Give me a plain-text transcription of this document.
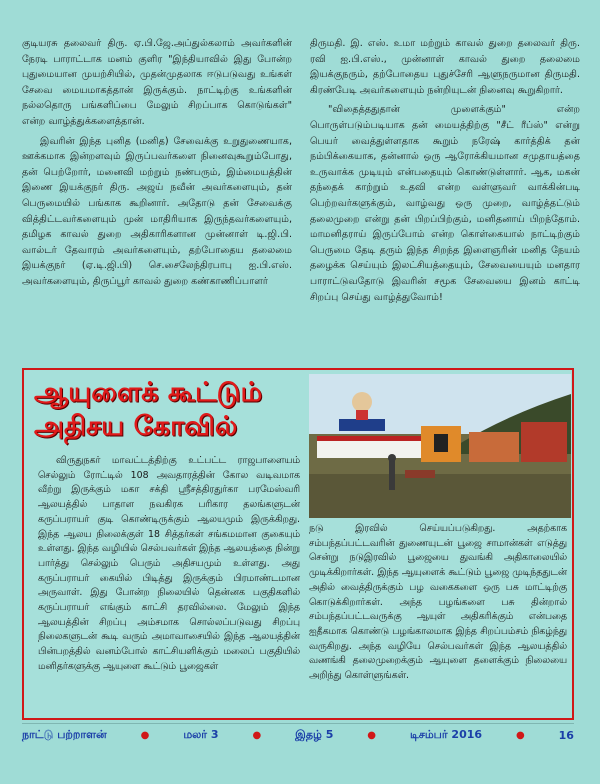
குடியரசு தலைவர் திரு. ஏ.பி.ஜே.அப்துல்கலாம் அவர்களின் நேரடி பாராட்டாக மனம் குளிர "இந்தியாவில் இது போன்ற புதுமையான முயற்சியில், முதன்முதலாக ஈடுபடுவது உங்கள் சேவை மையமாகத்தான் இருக்கும். நாட்டிற்கு உங்களின் நல்லதொரு பங்களிப்பை மேலும் சிறப்பாக கொடுங்கள்" என்ற வாழ்த்துக்களைத்தான்.

இவரின் இந்த புனித (மனித) சேவைக்கு உறுதுணையாக, ஊக்கமாக இன்றளவும் இருப்பவர்களை நினைவுகூறும்போது, தன் பெற்றோர், மனைவி மற்றும் நண்பரும், இம்மையத்தின் இணை இயக்குநர் திரு. அஜய் நவீன் அவர்களையும், தன் பெருமையில் பங்காக கூறினார். அதோடு தன் சேவைக்கு வித்திட்டவர்களையும் முன் மாதிரியாக இருந்தவர்களையும், தமிழக காவல் துறை அதிகாரிகளான முன்னாள் டி.ஜி.பி. வால்டர் தேவாரம் அவர்களையும், தற்போதைய தலைமை இயக்குநர் (ஏ.டி.ஜி.பி) செ.சைலேந்திரபாபு ஐ.பி.எஸ். அவர்களையும், திருப்பூர் காவல் துறை கண்காணிப்பாளர்

திருமதி. இ. எஸ். உமா மற்றும் காவல் துறை தலைவர் திரு. ரவி ஐ.பி.எஸ்., முன்னாள் காவல் துறை தலைமை இயக்குநரும், தற்போதைய புதுச்சேரி ஆளுநருமான திருமதி. கிரண்பேடி அவர்களையும் நன்றியுடன் நினைவு கூறுகிறார்.

"விதைத்ததுதான் முளைக்கும்" என்ற பொருள்படும்படியாக தன் மையத்திற்கு "சீட் ரீப்ஸ்" என்று பெயர் வைத்துள்ளதாக கூறும் நரேஷ் கார்த்திக் தன் நம்பிக்கையாக, தன்னால் ஒரு ஆரோக்கியமான சமுதாயத்தை உருவாக்க முடியும் என்பதையும் கொண்டுள்ளார். ஆக, மகன் தந்தைக் காற்றும் உதவி என்ற வள்ளுவர் வாக்கின்படி பெற்றவர்களுக்கும், வாழ்வது ஒரு முறை, வாழ்த்தட்டும் தலைமுறை என்று தன் பிறப்பிற்கும், மனிதனாய் பிறந்தோம். மாமனிதராய் இருப்போம் என்ற கொள்கையால் நாட்டிற்கும் பெருமை தேடி தரும் இந்த சிறந்த இளைஞரின் மனித நேயம் தழைக்க செய்யும் இலட்சியத்தையும், சேவையையும் மனதார பாராட்டுவதோடு இவரின் சமூக சேவையை இனம் காட்டி சிறப்பு செய்து வாழ்த்துவோம்!

ஆயுளைக் கூட்டும்
அதிசய கோவில்

விருதுநகர் மாவட்டத்திற்கு உட்பட்ட ராஜபாளையம் செல்லும் ரோட்டில் 108 அவதாரத்தின் கோல வடிவமாக வீற்று இருக்கும் மகா சக்தி ஸ்ரீசத்திரதுர்கா பரமேஸ்வரி ஆலயத்தில் பாதாள நவகிரக பரிகார தலங்களுடன் கருப்பராயர் குடி கொண்டிருக்கும் ஆலயமும் இருக்கிறது. இந்த ஆலய நிலைக்குள் 18 சித்தர்கள் சங்கமமான குகையும் உள்ளது. இந்த வழியில் செல்பவர்கள் இந்த ஆலயத்தை நின்று பார்த்து செல்லும் பெரும் அதிசயமும் உள்ளது. அது கருப்பராயர் கையில் பிடித்து இருக்கும் பிரமாண்டமான அருவாள். இது போன்ற நிலையில் தென்னக பகுதிகளில் கருப்பராயர் எங்கும் காட்சி தரவில்லை. மேலும் இந்த ஆலயத்தின் சிறப்பு அம்சமாக சொல்லப்படுவது சிறப்பு நிலைகளுடன் கூடி வரும் அமாவாசையில் இந்த ஆலயத்தின் பின்பறத்தில் வனம்போல் காட்சியளிக்கும் மலைப் பகுதியில் மனிதர்களுக்கு ஆயுளை கூட்டும் பூஜைகள்

நடு இரவில் செய்யப்படுகிறது. அதற்காக சம்பந்தப்பட்டவரின் துணையுடன் பூஜை சாமான்கள் எடுத்து சென்று நடுஇரவில் பூஜையை துவங்கி அதிகாலையில் முடிக்கிறார்கள். இந்த ஆயுளைக் கூட்டும் பூஜை முடிந்ததுடன் அதில் வைத்திருக்கும் பழ வகைகளை ஒரு பசு மாட்டிற்கு கொடுக்கிறார்கள். அந்த பழங்களை பசு தின்றால் சம்பந்தப்பட்டவருக்கு ஆயுள் அதிகரிக்கும் என்பதை ஐதீகமாக கொண்டு பழங்காலமாக இந்த சிறப்பம்சம் நிகழ்ந்து வருகிறது. அந்த வழியே செல்பவர்கள் இந்த ஆலயத்தில் வணங்கி தலைமுறைக்கும் ஆயுளை தளைக்கும் நிலையை அறிந்து கொள்ளுங்கள்.

நாட்டு பற்றாளன்	●	மலர் 3	●	இதழ் 5	●	டிசம்பர் 2016	●	16
